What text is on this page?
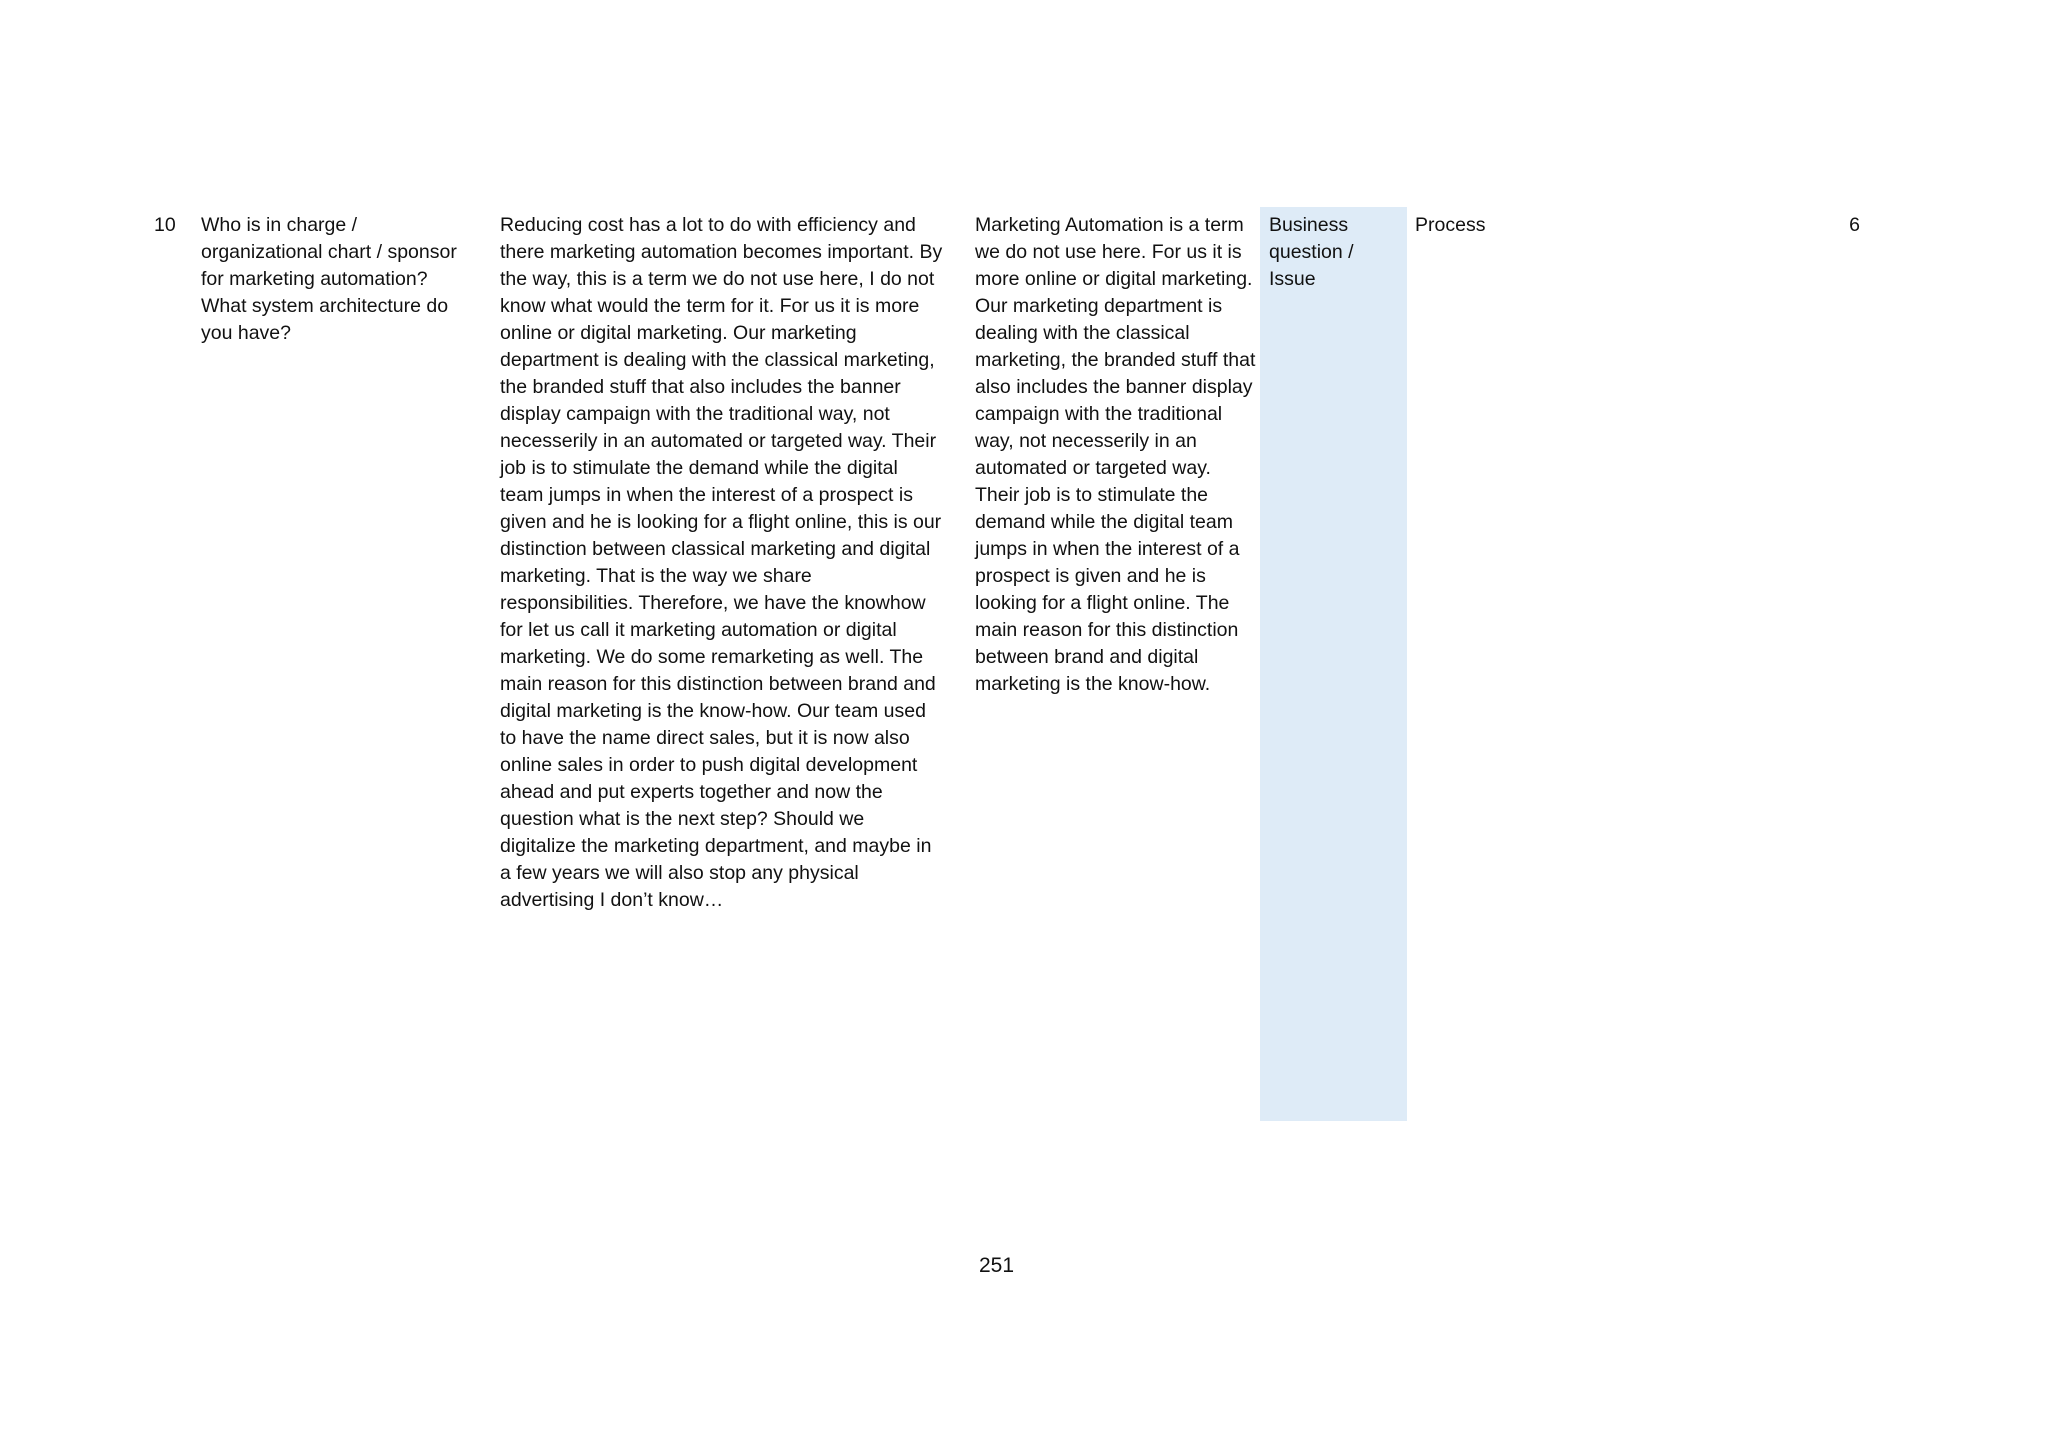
10	Who is in charge / organizational chart / sponsor for marketing automation? What system architecture do you have?
Reducing cost has a lot to do with efficiency and there marketing automation becomes important. By the way, this is a term we do not use here, I do not know what would the term for it. For us it is more online or digital marketing. Our marketing department is dealing with the classical marketing, the branded stuff that also includes the banner display campaign with the traditional way, not necesserily in an automated or targeted way. Their job is to stimulate the demand while the digital team jumps in when the interest of a prospect is given and he is looking for a flight online, this is our distinction between classical marketing and digital marketing. That is the way we share responsibilities. Therefore, we have the knowhow for let us call it marketing automation or digital marketing. We do some remarketing as well. The main reason for this distinction between brand and digital marketing is the know-how. Our team used to have the name direct sales, but it is now also online sales in order to push digital development ahead and put experts together and now the question what is the next step? Should we digitalize the marketing department, and maybe in a few years we will also stop any physical advertising I don’t know…
Marketing Automation is a term we do not use here. For us it is more online or digital marketing. Our marketing department is dealing with the classical marketing, the branded stuff that also includes the banner display campaign with the traditional way, not necesserily in an automated or targeted way. Their job is to stimulate the demand while the digital team jumps in when the interest of a prospect is given and he is looking for a flight online. The main reason for this distinction between brand and digital marketing is the know-how.
Business question / Issue
Process	6
251
